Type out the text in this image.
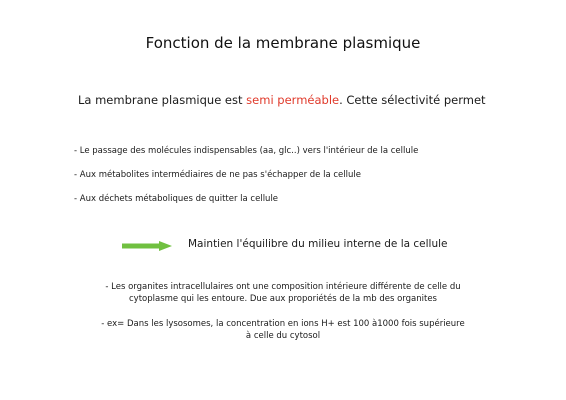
Fonction de la membrane plasmique
La membrane plasmique est semi perméable. Cette sélectivité permet
- Le passage des molécules indispensables (aa, glc..) vers l'intérieur de la cellule
- Aux métabolites intermédiaires de ne pas s'échapper de la cellule
- Aux déchets métaboliques de quitter la cellule
Maintien l'équilibre du milieu interne de la cellule
- Les organites intracellulaires ont une composition intérieure différente de celle du
cytoplasme qui les entoure. Due aux proporiétés de la mb des organites
- ex= Dans les lysosomes, la concentration en ions H+ est 100 à1000 fois supérieure
à celle du cytosol
